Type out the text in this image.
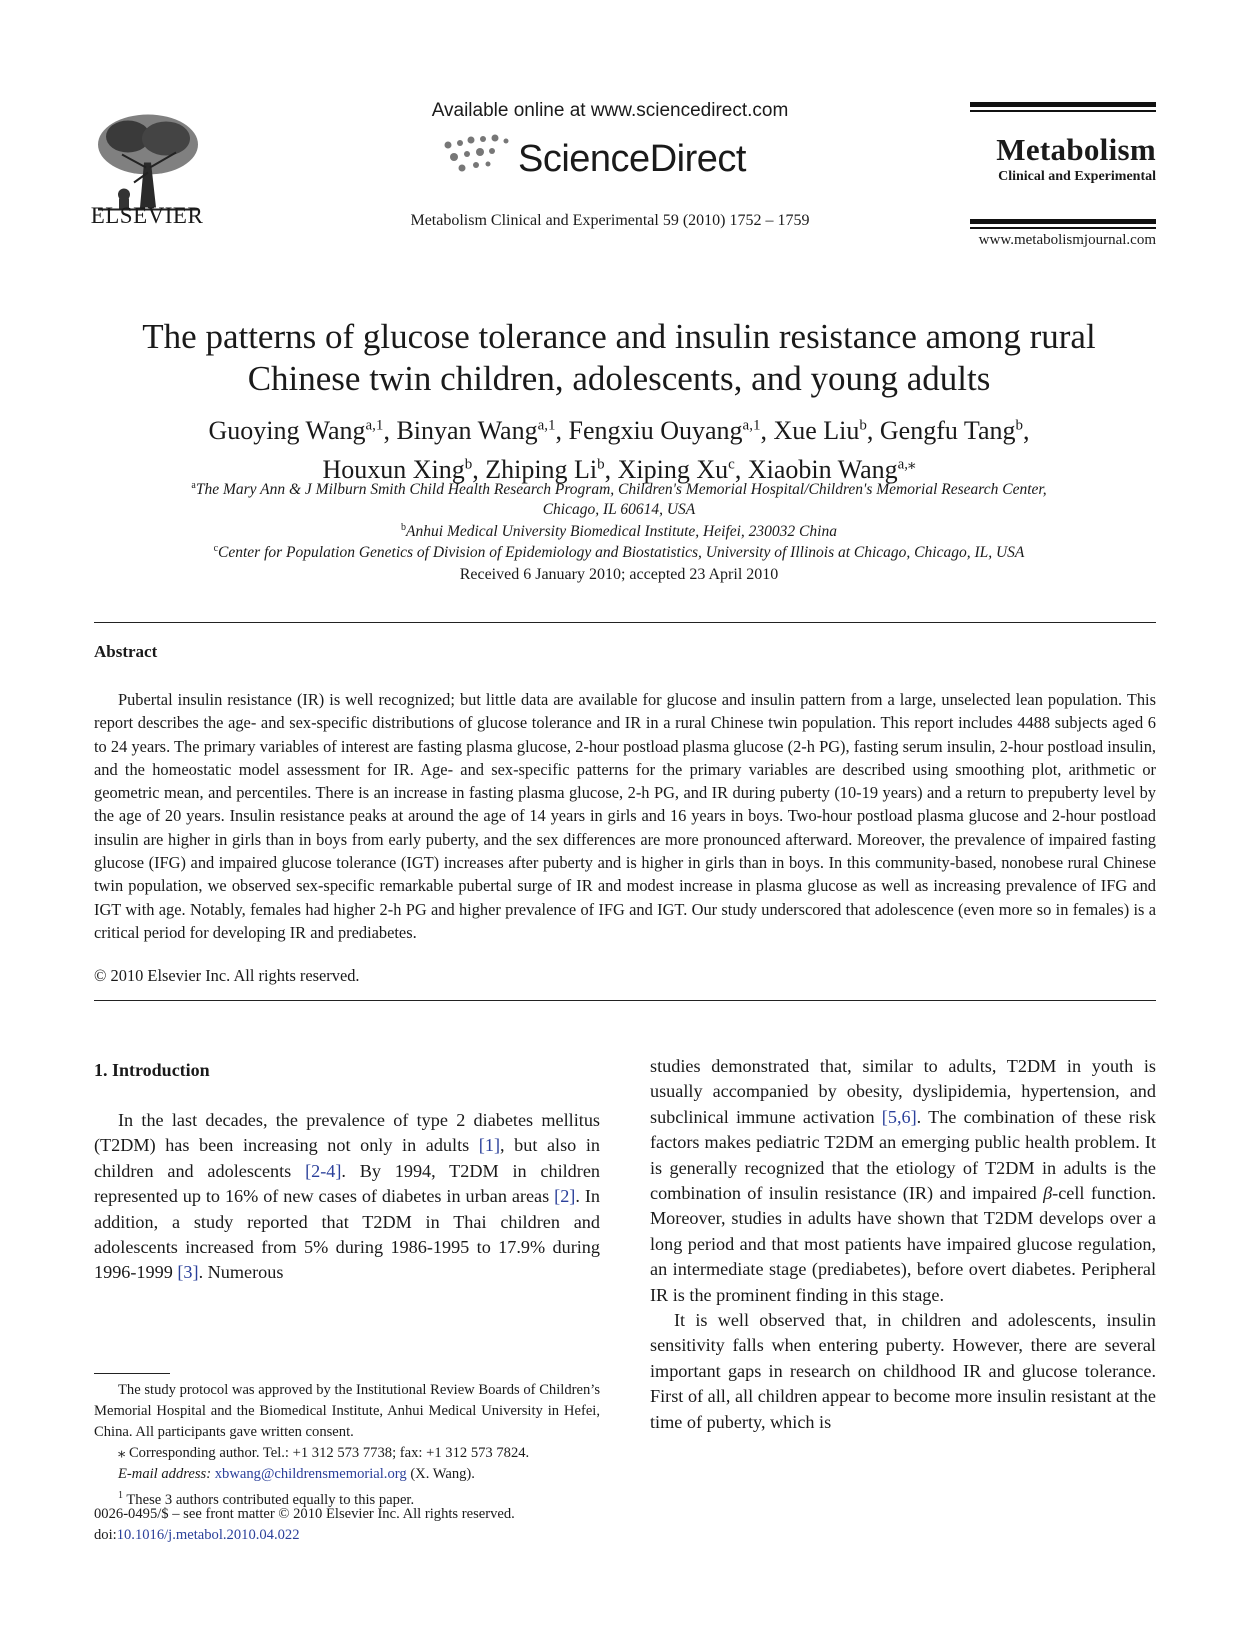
ELSEVIER
Available online at www.sciencedirect.com
ScienceDirect
Metabolism Clinical and Experimental 59 (2010) 1752 – 1759
Metabolism
Clinical and Experimental
www.metabolismjournal.com
The patterns of glucose tolerance and insulin resistance among rural
Chinese twin children, adolescents, and young adults
Guoying Wang$^{a,1}$, Binyan Wang$^{a,1}$, Fengxiu Ouyang$^{a,1}$, Xue Liu$^b$, Gengfu Tang$^b$,
Houxun Xing$^b$, Zhiping Li$^b$, Xiping Xu$^c$, Xiaobin Wang$^{a,⁎}$
$^a$The Mary Ann & J Milburn Smith Child Health Research Program, Children's Memorial Hospital/Children's Memorial Research Center,
Chicago, IL 60614, USA
$^b$Anhui Medical University Biomedical Institute, Heifei, 230032 China
$^c$Center for Population Genetics of Division of Epidemiology and Biostatistics, University of Illinois at Chicago, Chicago, IL, USA
Received 6 January 2010; accepted 23 April 2010
Abstract
Pubertal insulin resistance (IR) is well recognized; but little data are available for glucose and insulin pattern from a large, unselected lean population. This report describes the age- and sex-specific distributions of glucose tolerance and IR in a rural Chinese twin population. This report includes 4488 subjects aged 6 to 24 years. The primary variables of interest are fasting plasma glucose, 2-hour postload plasma glucose (2-h PG), fasting serum insulin, 2-hour postload insulin, and the homeostatic model assessment for IR. Age- and sex-specific patterns for the primary variables are described using smoothing plot, arithmetic or geometric mean, and percentiles. There is an increase in fasting plasma glucose, 2-h PG, and IR during puberty (10-19 years) and a return to prepuberty level by the age of 20 years. Insulin resistance peaks at around the age of 14 years in girls and 16 years in boys. Two-hour postload plasma glucose and 2-hour postload insulin are higher in girls than in boys from early puberty, and the sex differences are more pronounced afterward. Moreover, the prevalence of impaired fasting glucose (IFG) and impaired glucose tolerance (IGT) increases after puberty and is higher in girls than in boys. In this community-based, nonobese rural Chinese twin population, we observed sex-specific remarkable pubertal surge of IR and modest increase in plasma glucose as well as increasing prevalence of IFG and IGT with age. Notably, females had higher 2-h PG and higher prevalence of IFG and IGT. Our study underscored that adolescence (even more so in females) is a critical period for developing IR and prediabetes.
© 2010 Elsevier Inc. All rights reserved.
1. Introduction

In the last decades, the prevalence of type 2 diabetes mellitus (T2DM) has been increasing not only in adults [1], but also in children and adolescents [2-4]. By 1994, T2DM in children represented up to 16% of new cases of diabetes in urban areas [2]. In addition, a study reported that T2DM in Thai children and adolescents increased from 5% during 1986-1995 to 17.9% during 1996-1999 [3]. Numerous

studies demonstrated that, similar to adults, T2DM in youth is usually accompanied by obesity, dyslipidemia, hypertension, and subclinical immune activation [5,6]. The combination of these risk factors makes pediatric T2DM an emerging public health problem. It is generally recognized that the etiology of T2DM in adults is the combination of insulin resistance (IR) and impaired β-cell function. Moreover, studies in adults have shown that T2DM develops over a long period and that most patients have impaired glucose regulation, an intermediate stage (prediabetes), before overt diabetes. Peripheral IR is the prominent finding in this stage.

It is well observed that, in children and adolescents, insulin sensitivity falls when entering puberty. However, there are several important gaps in research on childhood IR and glucose tolerance. First of all, all children appear to become more insulin resistant at the time of puberty, which is

The study protocol was approved by the Institutional Review Boards of Children’s Memorial Hospital and the Biomedical Institute, Anhui Medical University in Hefei, China. All participants gave written consent.

⁎ Corresponding author. Tel.: +1 312 573 7738; fax: +1 312 573 7824.

E-mail address: xbwang@childrensmemorial.org (X. Wang).

$^1$ These 3 authors contributed equally to this paper.

0026-0495/$ – see front matter © 2010 Elsevier Inc. All rights reserved.
doi:10.1016/j.metabol.2010.04.022
